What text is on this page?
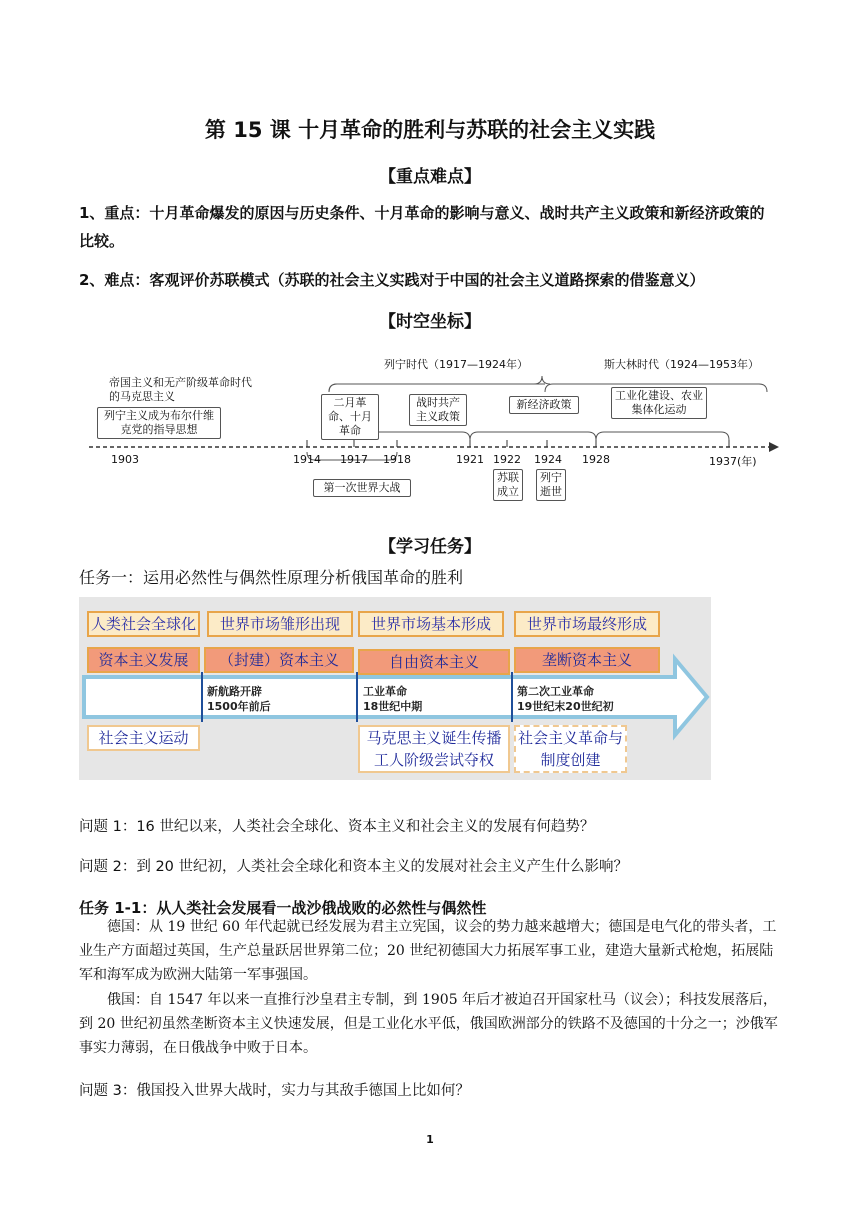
第 15 课 十月革命的胜利与苏联的社会主义实践
【重点难点】
1、重点：十月革命爆发的原因与历史条件、十月革命的影响与意义、战时共产主义政策和新经济政策的比较。
2、难点：客观评价苏联模式（苏联的社会主义实践对于中国的社会主义道路探索的借鉴意义）
【时空坐标】
列宁时代（1917—1924年）	斯大林时代（1924—1953年）
帝国主义和无产阶级革命时代的马克思主义
列宁主义成为布尔什维克党的指导思想
二月革命、十月革命
战时共产主义政策
新经济政策
工业化建设、农业集体化运动
1903	1914 1917 1918	1921 1922 1924 1928	1937(年)
第一次世界大战
苏联成立
列宁逝世
【学习任务】
任务一：运用必然性与偶然性原理分析俄国革命的胜利
人类社会全球化	世界市场雏形出现	世界市场基本形成	世界市场最终形成
资本主义发展	（封建）资本主义	自由资本主义	垄断资本主义
新航路开辟
1500年前后
工业革命
18世纪中期
第二次工业革命
19世纪末20世纪初
社会主义运动	马克思主义诞生传播工人阶级尝试夺权
社会主义革命与制度创建
问题 1：16 世纪以来，人类社会全球化、资本主义和社会主义的发展有何趋势？
问题 2：到 20 世纪初，人类社会全球化和资本主义的发展对社会主义产生什么影响？
任务 1-1：从人类社会发展看一战沙俄战败的必然性与偶然性
德国：从 19 世纪 60 年代起就已经发展为君主立宪国，议会的势力越来越增大；德国是电气化的带头者，工业生产方面超过英国，生产总量跃居世界第二位；20 世纪初德国大力拓展军事工业，建造大量新式枪炮，拓展陆军和海军成为欧洲大陆第一军事强国。
俄国：自 1547 年以来一直推行沙皇君主专制，到 1905 年后才被迫召开国家杜马（议会）；科技发展落后，到 20 世纪初虽然垄断资本主义快速发展，但是工业化水平低，俄国欧洲部分的铁路不及德国的十分之一；沙俄军事实力薄弱，在日俄战争中败于日本。
问题 3：俄国投入世界大战时，实力与其敌手德国上比如何？
1
